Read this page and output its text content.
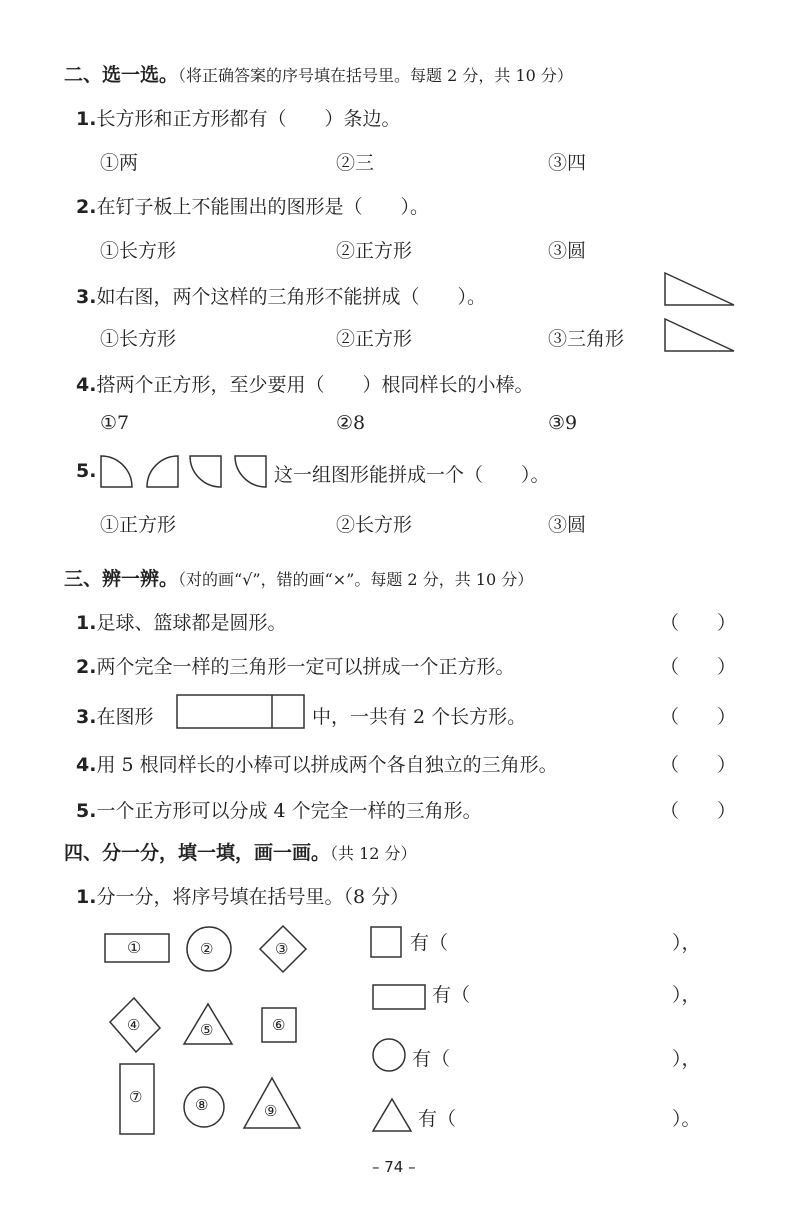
二、选一选。（将正确答案的序号填在括号里。每题 2 分，共 10 分）
1.长方形和正方形都有（　　）条边。
①两	②三	③四
2.在钉子板上不能围出的图形是（　　）。
①长方形	②正方形	③圆
3.如右图，两个这样的三角形不能拼成（　　）。
①长方形	②正方形	③三角形
4.搭两个正方形，至少要用（　　）根同样长的小棒。
①7	②8	③9
5.	这一组图形能拼成一个（　　）。
①正方形	②长方形	③圆
三、辨一辨。（对的画“√”，错的画“×”。每题 2 分，共 10 分）
1.足球、篮球都是圆形。	（　　）
2.两个完全一样的三角形一定可以拼成一个正方形。	（　　）
3.在图形	中，一共有 2 个长方形。	（　　）
4.用 5 根同样长的小棒可以拼成两个各自独立的三角形。	（　　）
5.一个正方形可以分成 4 个完全一样的三角形。	（　　）
四、分一分，填一填，画一画。（共 12 分）
1.分一分，将序号填在括号里。（8 分）
①	②	③
④	⑤	⑥
⑦	⑧	⑨
有（	），
有（	），
有（	），
有（	）。
– 74 –
